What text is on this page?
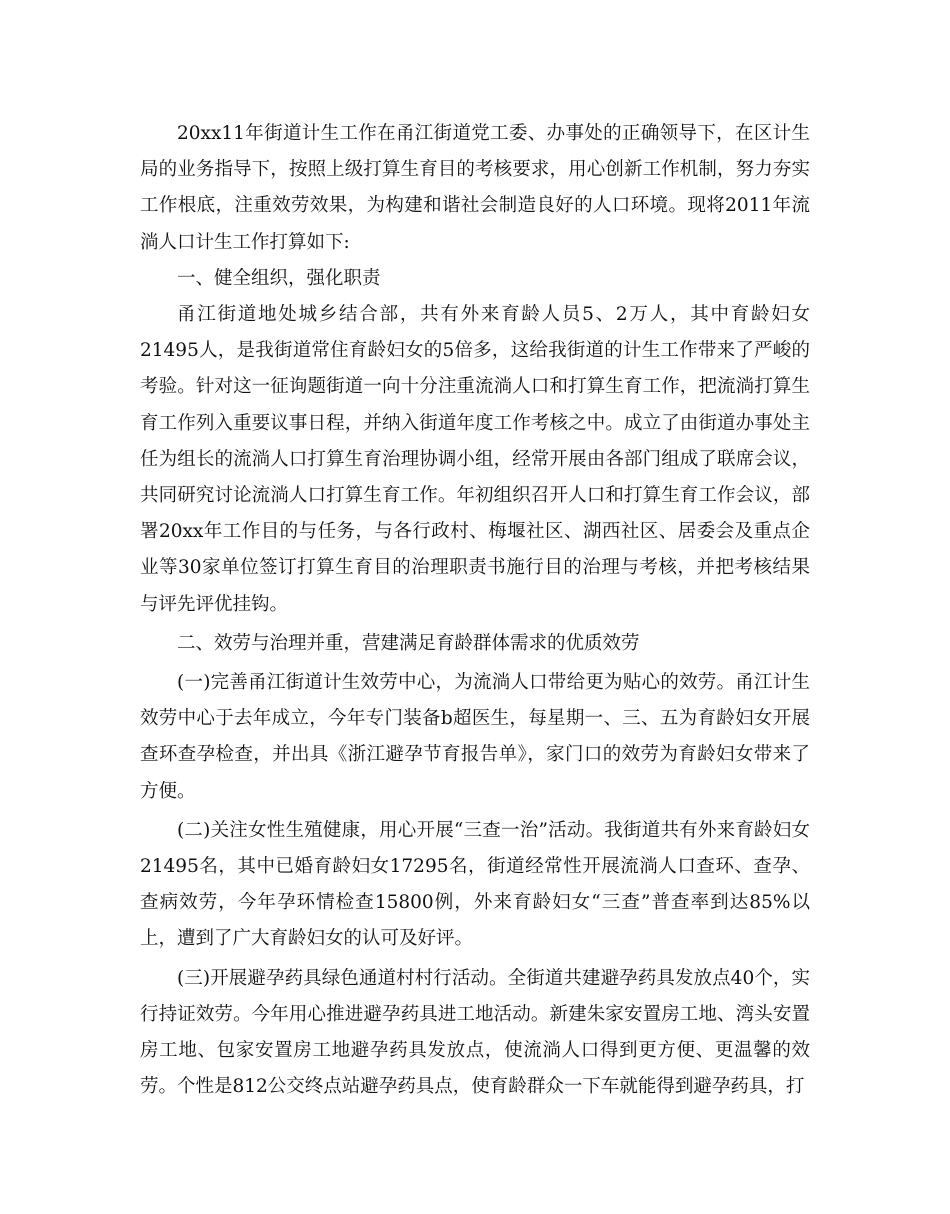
20xx11年街道计生工作在甬江街道党工委、办事处的正确领导下，在区计生局的业务指导下，按照上级打算生育目的考核要求，用心创新工作机制，努力夯实工作根底，注重效劳效果，为构建和谐社会制造良好的人口环境。现将2011年流淌人口计生工作打算如下:

一、健全组织，强化职责

甬江街道地处城乡结合部，共有外来育龄人员5、2万人，其中育龄妇女21495人，是我街道常住育龄妇女的5倍多，这给我街道的计生工作带来了严峻的考验。针对这一征询题街道一向十分注重流淌人口和打算生育工作，把流淌打算生育工作列入重要议事日程，并纳入街道年度工作考核之中。成立了由街道办事处主任为组长的流淌人口打算生育治理协调小组，经常开展由各部门组成了联席会议，共同研究讨论流淌人口打算生育工作。年初组织召开人口和打算生育工作会议，部署20xx年工作目的与任务，与各行政村、梅堰社区、湖西社区、居委会及重点企业等30家单位签订打算生育目的治理职责书施行目的治理与考核，并把考核结果与评先评优挂钩。

二、效劳与治理并重，营建满足育龄群体需求的优质效劳

(一)完善甬江街道计生效劳中心，为流淌人口带给更为贴心的效劳。甬江计生效劳中心于去年成立，今年专门装备b超医生，每星期一、三、五为育龄妇女开展查环查孕检查，并出具《浙江避孕节育报告单》，家门口的效劳为育龄妇女带来了方便。

(二)关注女性生殖健康，用心开展“三查一治”活动。我街道共有外来育龄妇女21495名，其中已婚育龄妇女17295名，街道经常性开展流淌人口查环、查孕、查病效劳，今年孕环情检查15800例，外来育龄妇女“三查”普查率到达85%以上，遭到了广大育龄妇女的认可及好评。

(三)开展避孕药具绿色通道村村行活动。全街道共建避孕药具发放点40个，实行持证效劳。今年用心推进避孕药具进工地活动。新建朱家安置房工地、湾头安置房工地、包家安置房工地避孕药具发放点，使流淌人口得到更方便、更温馨的效劳。个性是812公交终点站避孕药具点，使育龄群众一下车就能得到避孕药具，打
